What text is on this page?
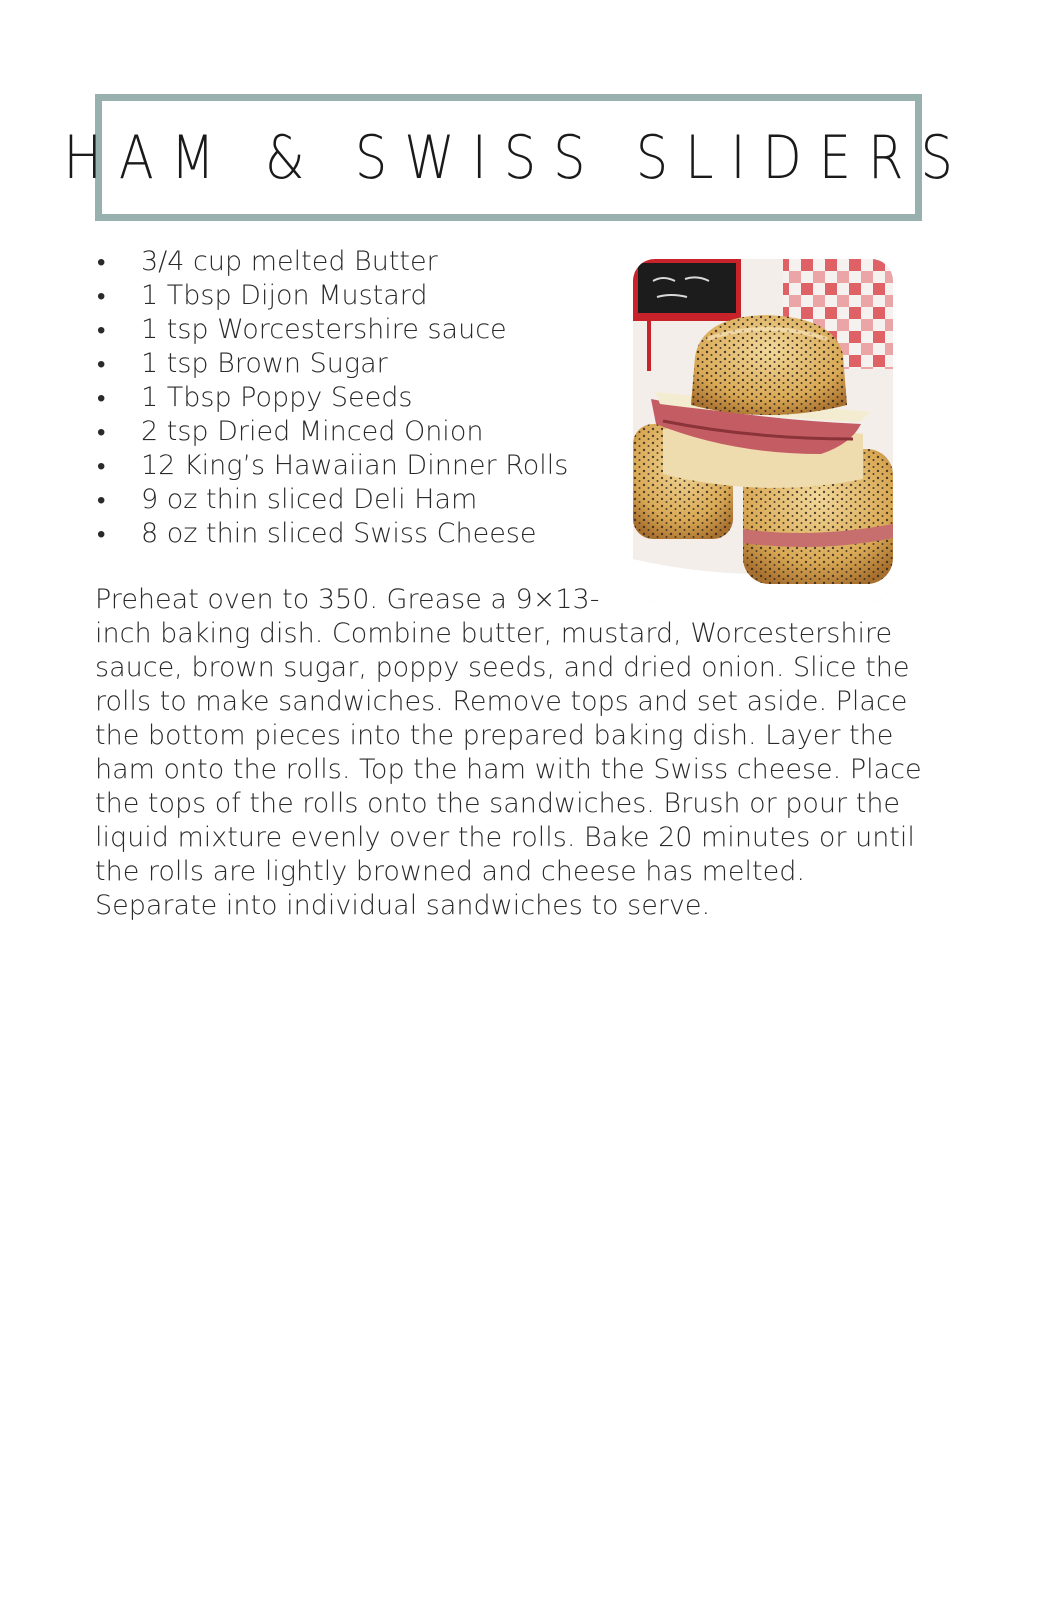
HAM & SWISS SLIDERS
• 3/4 cup melted Butter
• 1 Tbsp Dijon Mustard
• 1 tsp Worcestershire sauce
• 1 tsp Brown Sugar
• 1 Tbsp Poppy Seeds
• 2 tsp Dried Minced Onion
• 12 King’s Hawaiian Dinner Rolls
• 9 oz thin sliced Deli Ham
• 8 oz thin sliced Swiss Cheese

Preheat oven to 350. Grease a 9×13-inch baking dish. Combine butter, mustard, Worcestershire sauce, brown sugar, poppy seeds, and dried onion. Slice the rolls to make sandwiches. Remove tops and set aside. Place the bottom pieces into the prepared baking dish. Layer the ham onto the rolls. Top the ham with the Swiss cheese. Place the tops of the rolls onto the sandwiches. Brush or pour the liquid mixture evenly over the rolls. Bake 20 minutes or until the rolls are lightly browned and cheese has melted. Separate into individual sandwiches to serve.
